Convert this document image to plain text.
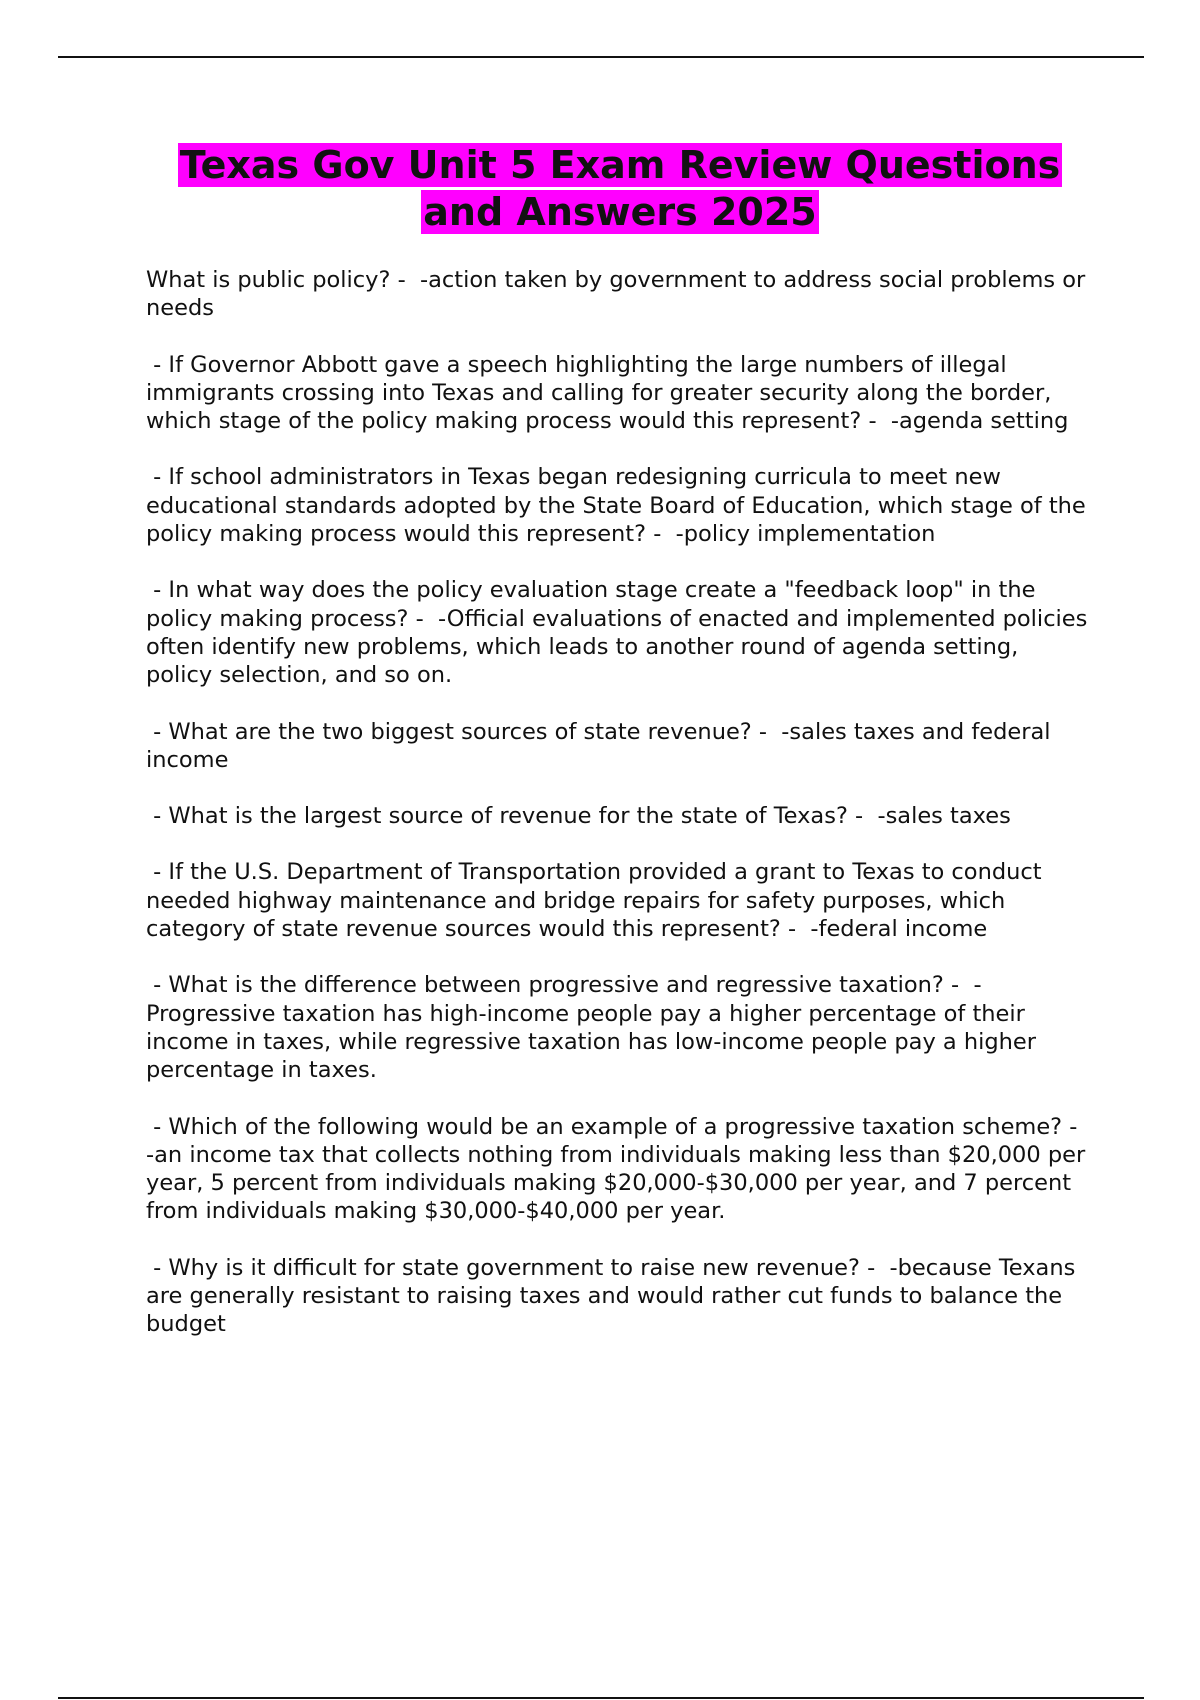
Texas Gov Unit 5 Exam Review Questions
and Answers 2025

What is public policy? -  -action taken by government to address social problems or needs

- If Governor Abbott gave a speech highlighting the large numbers of illegal immigrants crossing into Texas and calling for greater security along the border, which stage of the policy making process would this represent? -  -agenda setting

- If school administrators in Texas began redesigning curricula to meet new educational standards adopted by the State Board of Education, which stage of the policy making process would this represent? -  -policy implementation

- In what way does the policy evaluation stage create a "feedback loop" in the policy making process? -  -Official evaluations of enacted and implemented policies often identify new problems, which leads to another round of agenda setting, policy selection, and so on.

- What are the two biggest sources of state revenue? -  -sales taxes and federal income

- What is the largest source of revenue for the state of Texas? -  -sales taxes

- If the U.S. Department of Transportation provided a grant to Texas to conduct needed highway maintenance and bridge repairs for safety purposes, which category of state revenue sources would this represent? -  -federal income

- What is the difference between progressive and regressive taxation? -  -Progressive taxation has high-income people pay a higher percentage of their income in taxes, while regressive taxation has low-income people pay a higher percentage in taxes.

- Which of the following would be an example of a progressive taxation scheme? -  -an income tax that collects nothing from individuals making less than $20,000 per year, 5 percent from individuals making $20,000-$30,000 per year, and 7 percent from individuals making $30,000-$40,000 per year.

- Why is it difficult for state government to raise new revenue? -  -because Texans are generally resistant to raising taxes and would rather cut funds to balance the budget
